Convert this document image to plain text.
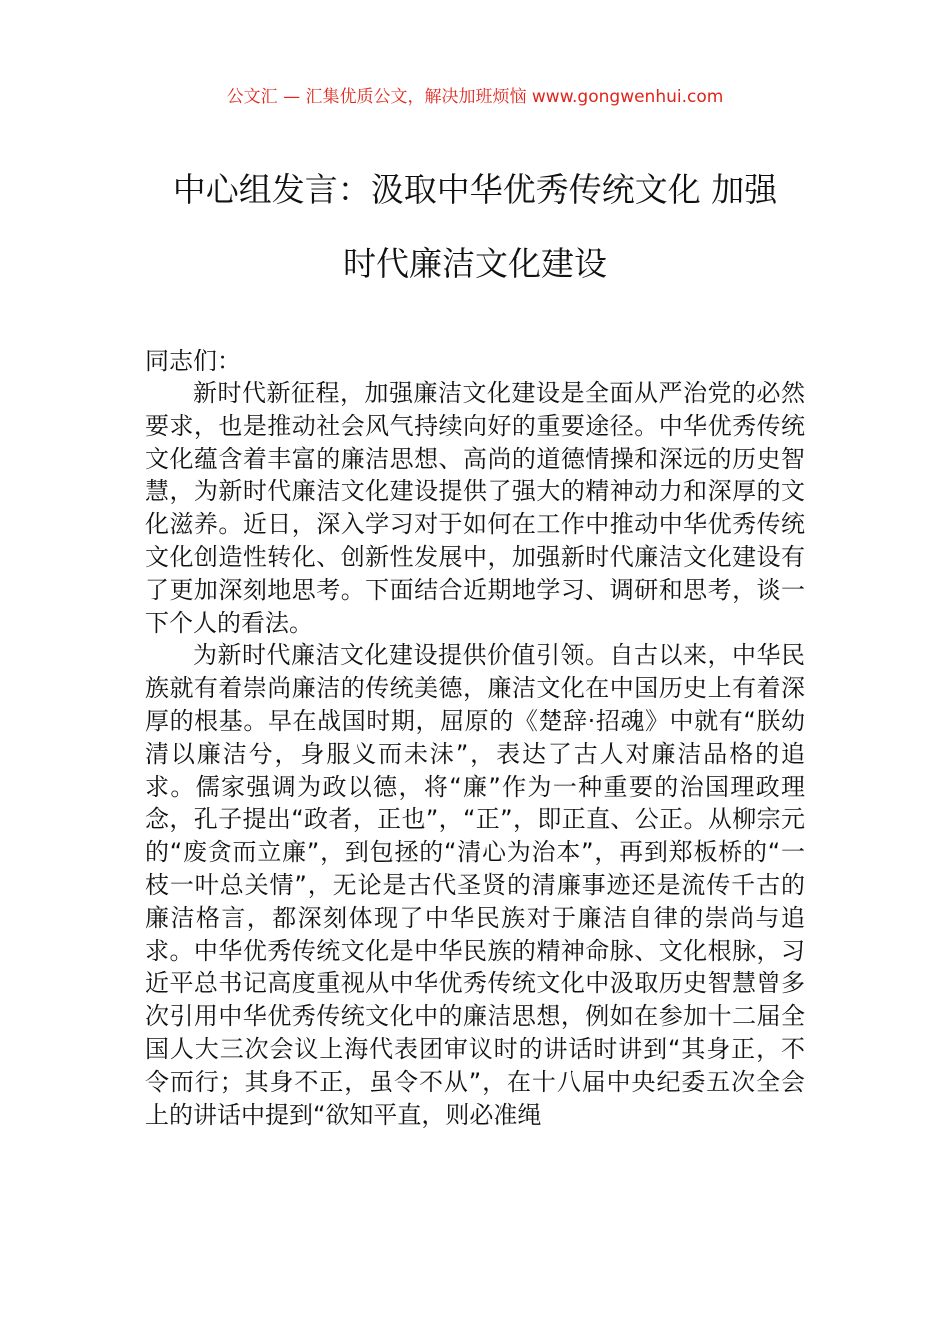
公文汇 — 汇集优质公文，解决加班烦恼 www.gongwenhui.com
中心组发言：汲取中华优秀传统文化 加强
时代廉洁文化建设

同志们：

新时代新征程，加强廉洁文化建设是全面从严治党的必然要求，也是推动社会风气持续向好的重要途径。中华优秀传统文化蕴含着丰富的廉洁思想、高尚的道德情操和深远的历史智慧，为新时代廉洁文化建设提供了强大的精神动力和深厚的文化滋养。近日，深入学习对于如何在工作中推动中华优秀传统文化创造性转化、创新性发展中，加强新时代廉洁文化建设有了更加深刻地思考。下面结合近期地学习、调研和思考，谈一下个人的看法。

为新时代廉洁文化建设提供价值引领。自古以来，中华民族就有着崇尚廉洁的传统美德，廉洁文化在中国历史上有着深厚的根基。早在战国时期，屈原的《楚辞·招魂》中就有“朕幼清以廉洁兮，身服义而未沬”，表达了古人对廉洁品格的追求。儒家强调为政以德，将“廉”作为一种重要的治国理政理念，孔子提出“政者，正也”，“正”，即正直、公正。从柳宗元的“废贪而立廉”，到包拯的“清心为治本”，再到郑板桥的“一枝一叶总关情”，无论是古代圣贤的清廉事迹还是流传千古的廉洁格言，都深刻体现了中华民族对于廉洁自律的崇尚与追求。中华优秀传统文化是中华民族的精神命脉、文化根脉，习近平总书记高度重视从中华优秀传统文化中汲取历史智慧曾多次引用中华优秀传统文化中的廉洁思想，例如在参加十二届全国人大三次会议上海代表团审议时的讲话时讲到“其身正，不令而行；其身不正，虽令不从”，在十八届中央纪委五次全会上的讲话中提到“欲知平直，则必准绳
